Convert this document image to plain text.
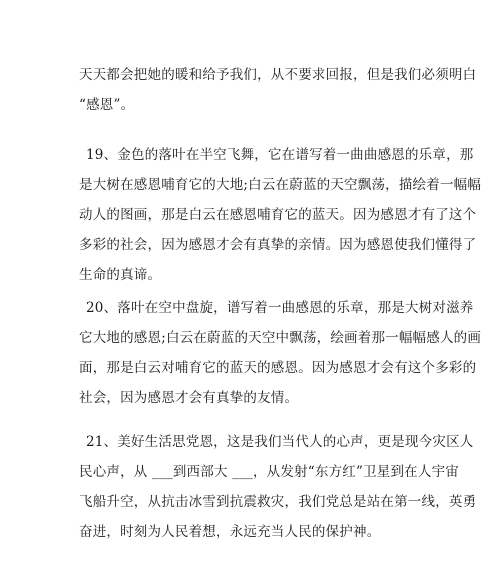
天天都会把她的暖和给予我们，从不要求回报，但是我们必须明白
“感恩”。

19、金色的落叶在半空飞舞，它在谱写着一曲曲感恩的乐章，那
是大树在感恩哺育它的大地;白云在蔚蓝的天空飘荡，描绘着一幅幅
动人的图画，那是白云在感恩哺育它的蓝天。因为感恩才有了这个
多彩的社会，因为感恩才会有真挚的亲情。因为感恩使我们懂得了
生命的真谛。

20、落叶在空中盘旋，谱写着一曲感恩的乐章，那是大树对滋养
它大地的感恩;白云在蔚蓝的天空中飘荡，绘画着那一幅幅感人的画
面，那是白云对哺育它的蓝天的感恩。因为感恩才会有这个多彩的
社会，因为感恩才会有真挚的友情。

21、美好生活思党恩，这是我们当代人的心声，更是现今灾区人
民心声，从 ___到西部大 ___，从发射“东方红”卫星到在人宇宙
飞船升空，从抗击冰雪到抗震救灾，我们党总是站在第一线，英勇
奋进，时刻为人民着想，永远充当人民的保护神。
